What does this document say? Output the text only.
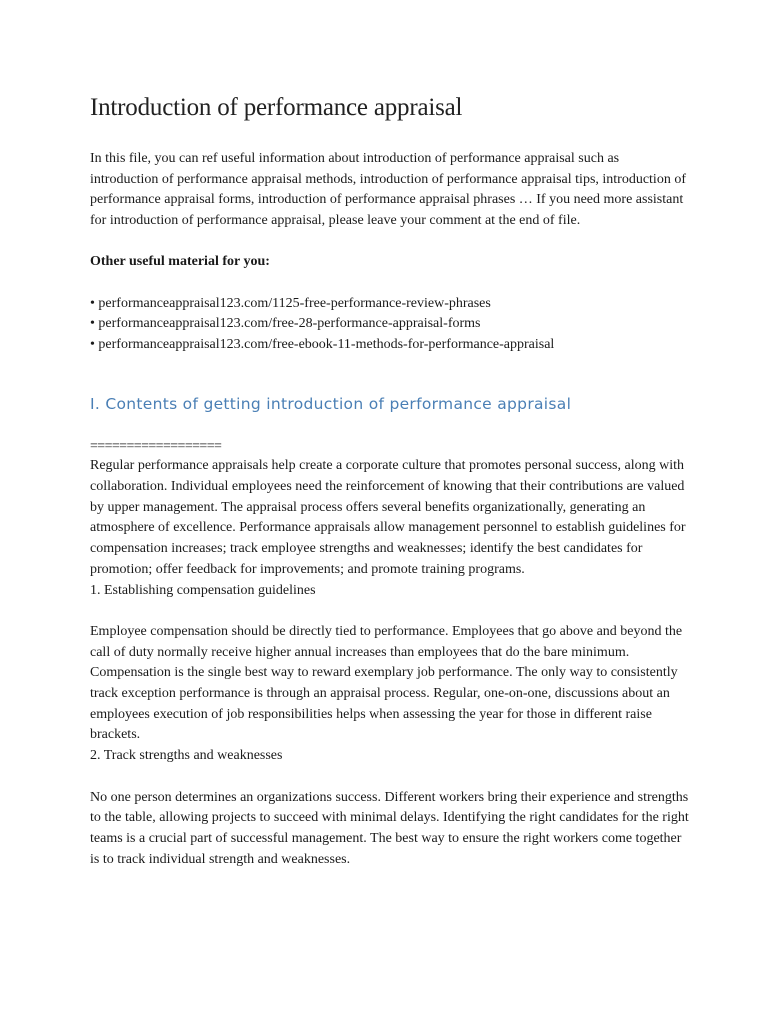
Introduction of performance appraisal

In this file, you can ref useful information about introduction of performance appraisal such as introduction of performance appraisal methods, introduction of performance appraisal tips, introduction of performance appraisal forms, introduction of performance appraisal phrases … If you need more assistant for introduction of performance appraisal, please leave your comment at the end of file.

Other useful material for you:

• performanceappraisal123.com/1125-free-performance-review-phrases
• performanceappraisal123.com/free-28-performance-appraisal-forms
• performanceappraisal123.com/free-ebook-11-methods-for-performance-appraisal
I. Contents of getting introduction of performance appraisal

==================

Regular performance appraisals help create a corporate culture that promotes personal success, along with collaboration. Individual employees need the reinforcement of knowing that their contributions are valued by upper management. The appraisal process offers several benefits organizationally, generating an atmosphere of excellence. Performance appraisals allow management personnel to establish guidelines for compensation increases; track employee strengths and weaknesses; identify the best candidates for promotion; offer feedback for improvements; and promote training programs.

1. Establishing compensation guidelines

Employee compensation should be directly tied to performance. Employees that go above and beyond the call of duty normally receive higher annual increases than employees that do the bare minimum. Compensation is the single best way to reward exemplary job performance. The only way to consistently track exception performance is through an appraisal process. Regular, one-on-one, discussions about an employees execution of job responsibilities helps when assessing the year for those in different raise brackets.

2. Track strengths and weaknesses

No one person determines an organizations success. Different workers bring their experience and strengths to the table, allowing projects to succeed with minimal delays. Identifying the right candidates for the right teams is a crucial part of successful management. The best way to ensure the right workers come together is to track individual strength and weaknesses.
